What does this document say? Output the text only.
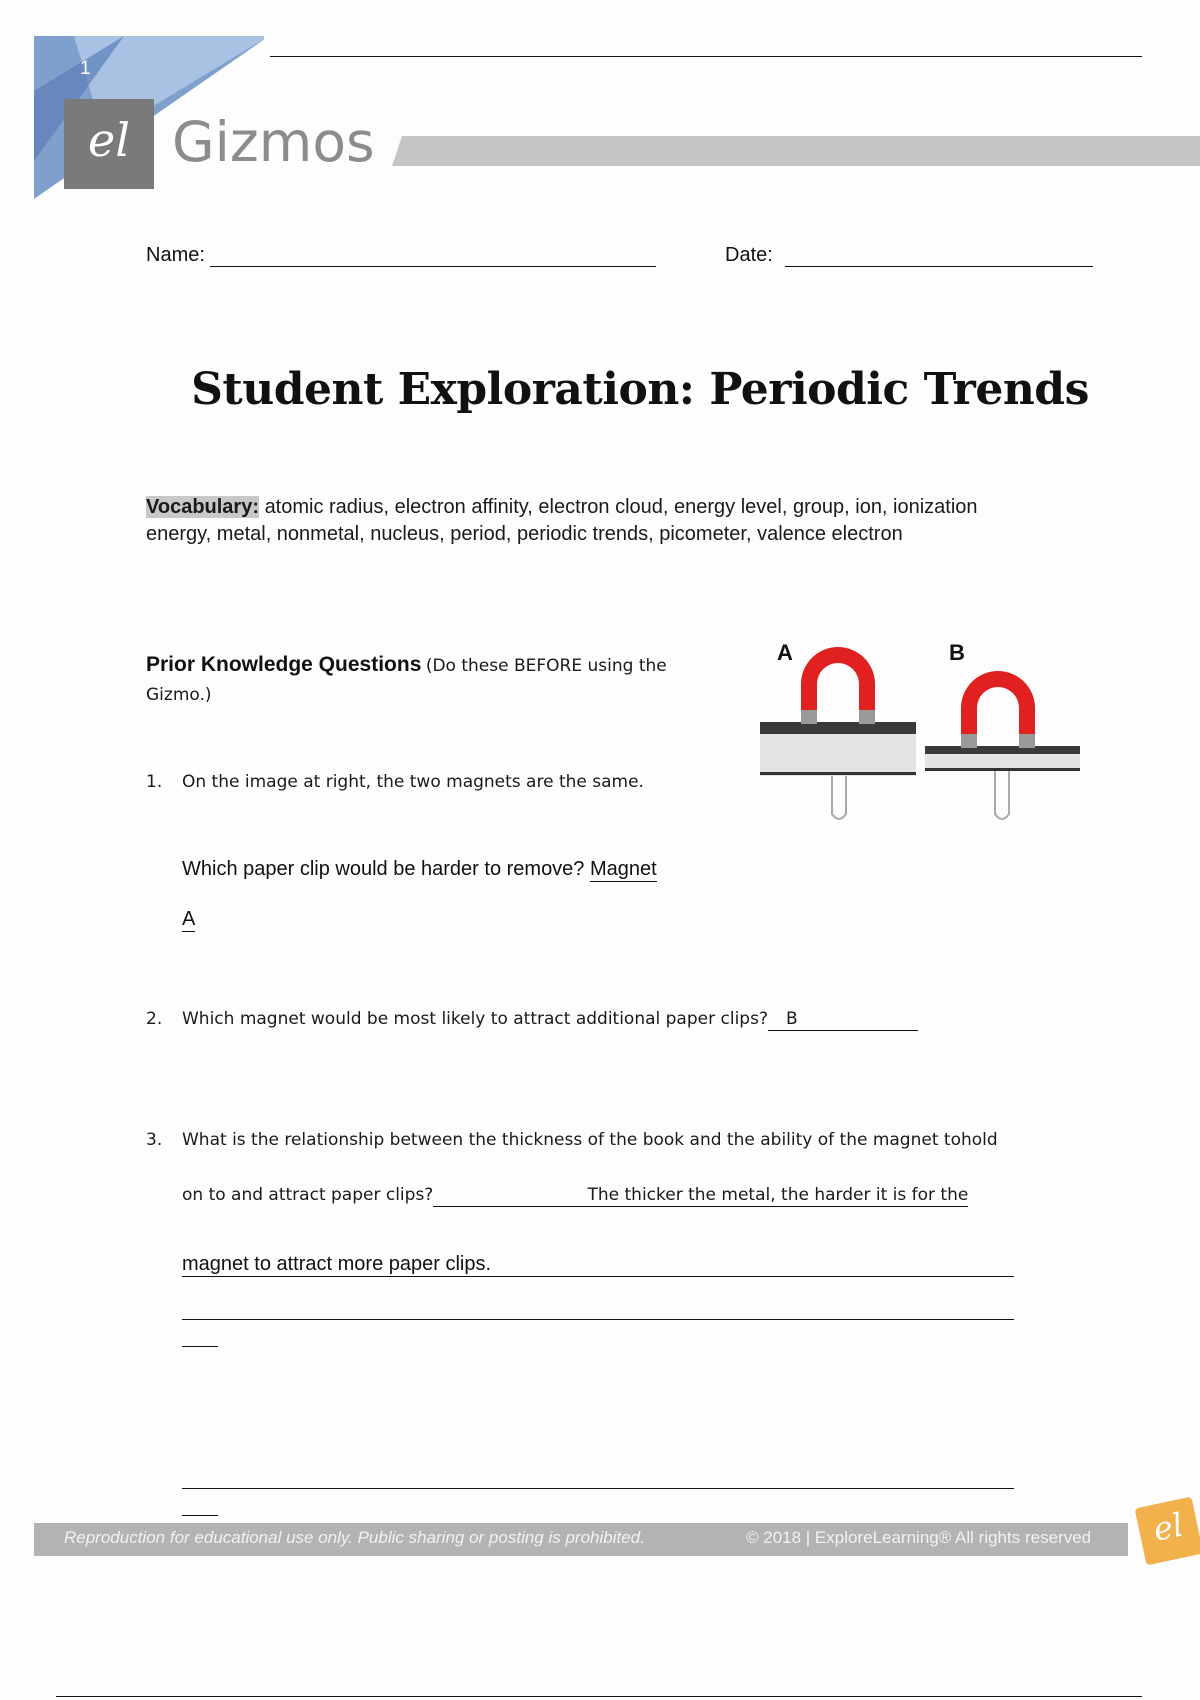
1
el Gizmos
Name:	Date:
Student Exploration: Periodic Trends
Vocabulary: atomic radius, electron affinity, electron cloud, energy level, group, ion, ionization
energy, metal, nonmetal, nucleus, period, periodic trends, picometer, valence electron
Prior Knowledge Questions (Do these BEFORE using the
Gizmo.)
A	B
1. On the image at right, the two magnets are the same.
Which paper clip would be harder to remove? Magnet
A
2. Which magnet would be most likely to attract additional paper clips? B
3. What is the relationship between the thickness of the book and the ability of the magnet tohold
on to and attract paper clips?	The thicker the metal, the harder it is for the
magnet to attract more paper clips.
Reproduction for educational use only. Public sharing or posting is prohibited.	© 2018 | ExploreLearning® All rights reserved	el
